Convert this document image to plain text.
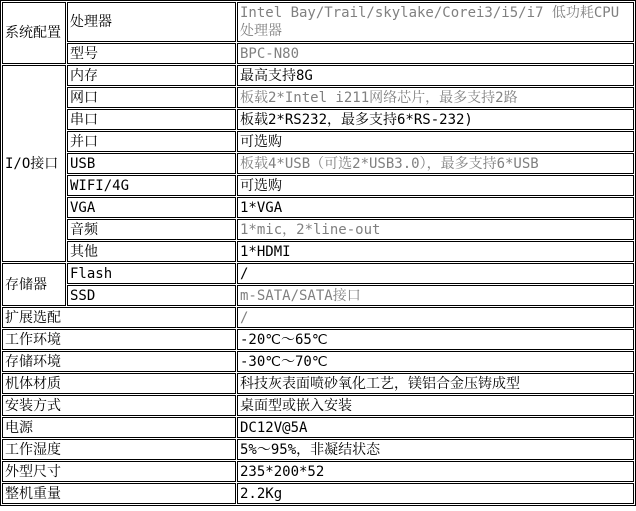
系统配置	处理器	Intel Bay/Trail/skylake/Corei3/i5/i7 低功耗CPU处理器
	型号	BPC-N80
I/O接口	内存	最高支持8G
	网口	板载2*Intel i211网络芯片，最多支持2路
	串口	板载2*RS232，最多支持6*RS-232)
	并口	可选购
	USB	板载4*USB（可选2*USB3.0），最多支持6*USB
	WIFI/4G	可选购
	VGA	1*VGA
	音频	1*mic，2*line-out
	其他	1*HDMI
存储器	Flash	/
	SSD	m-SATA/SATA接口
扩展选配		/
工作环境		-20℃～65℃
存储环境		-30℃～70℃
机体材质		科技灰表面喷砂氧化工艺，镁铝合金压铸成型
安装方式		桌面型或嵌入安装
电源		DC12V@5A
工作湿度		5%～95%，非凝结状态
外型尺寸		235*200*52
整机重量		2.2Kg
